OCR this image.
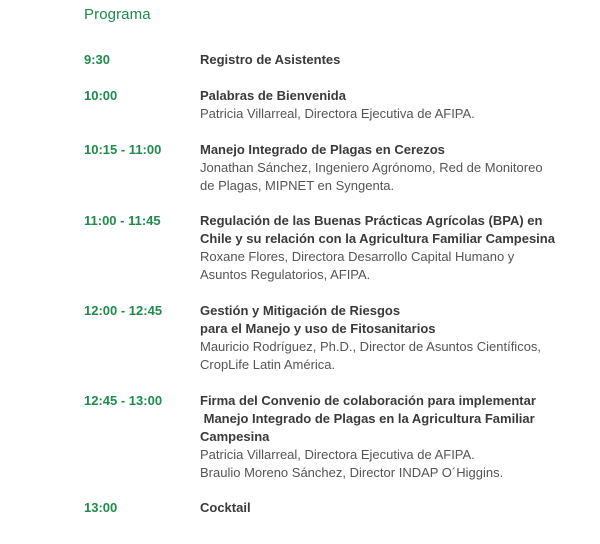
Programa
9:30	Registro de Asistentes
10:00	Palabras de Bienvenida
Patricia Villarreal, Directora Ejecutiva de AFIPA.
10:15 - 11:00	Manejo Integrado de Plagas en Cerezos
Jonathan Sánchez, Ingeniero Agrónomo, Red de Monitoreo
de Plagas, MIPNET en Syngenta.
11:00 - 11:45	Regulación de las Buenas Prácticas Agrícolas (BPA) en
Chile y su relación con la Agricultura Familiar Campesina
Roxane Flores, Directora Desarrollo Capital Humano y
Asuntos Regulatorios, AFIPA.
12:00 - 12:45	Gestión y Mitigación de Riesgos
para el Manejo y uso de Fitosanitarios
Mauricio Rodríguez, Ph.D., Director de Asuntos Científicos,
CropLife Latin América.
12:45 - 13:00	Firma del Convenio de colaboración para implementar
Manejo Integrado de Plagas en la Agricultura Familiar
Campesina
Patricia Villarreal, Directora Ejecutiva de AFIPA.
Braulio Moreno Sánchez, Director INDAP O´Higgins.
13:00	Cocktail
